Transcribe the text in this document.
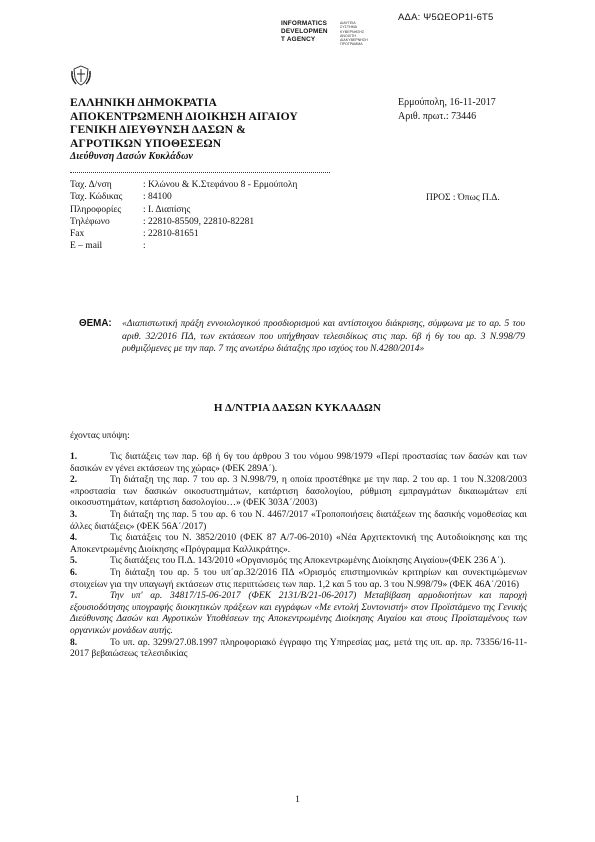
ΑΔΑ: Ψ5ΩΕΟΡ1Ι-6Τ5
INFORMATICS
DEVELOPMEN
T AGENCY
ΔΙΑΥΓΕΙΑ
ΣΥΣΤΗΜΑ
ΚΥΒΕΡΝΗΣΗΣ
ΑΝΟΙΧΤΗ
ΔΙΑΚΥΒΕΡΝΗΣΗ
ΠΡΟΓΡΑΜΜΑ
ΕΛΛΗΝΙΚΗ ΔΗΜΟΚΡΑΤΙΑ
ΑΠΟΚΕΝΤΡΩΜΕΝΗ ΔΙΟΙΚΗΣΗ ΑΙΓΑΙΟΥ
ΓΕΝΙΚΗ ΔΙΕΥΘΥΝΣΗ ΔΑΣΩΝ &
ΑΓΡΟΤΙΚΩΝ ΥΠΟΘΕΣΕΩΝ
Διεύθυνση Δασών Κυκλάδων
Ερμούπολη, 16-11-2017
Αριθ. πρωτ.: 73446
Ταχ. Δ/νση	: Κλώνου & Κ.Στεφάνου 8 - Ερμούπολη
Ταχ. Κώδικας	: 84100
Πληροφορίες	: Ι. Διαπίσης
Τηλέφωνο	: 22810-85509, 22810-82281
Fax	: 22810-81651
E – mail	:
ΠΡΟΣ : Όπως Π.Δ.
ΘΕΜΑ: «Διαπιστωτική πράξη εννοιολογικού προσδιορισμού και αντίστοιχου διάκρισης, σύμφωνα με το αρ. 5 του αριθ. 32/2016 ΠΔ, των εκτάσεων που υπήχθησαν τελεσιδίκως στις παρ. 6β ή 6γ του αρ. 3 Ν.998/79 ρυθμιζόμενες με την παρ. 7 της ανωτέρω διάταξης προ ισχύος του Ν.4280/2014»
Η Δ/ΝΤΡΙΑ ΔΑΣΩΝ ΚΥΚΛΑΔΩΝ
έχοντας υπόψη:
1.	Τις διατάξεις των παρ. 6β ή 6γ του άρθρου 3 του νόμου 998/1979 «Περί προστασίας των δασών και των δασικών εν γένει εκτάσεων της χώρας» (ΦΕΚ 289Α΄).
2.	Τη διάταξη της παρ. 7 του αρ. 3 Ν.998/79, η οποία προστέθηκε με την παρ. 2 του αρ. 1 του Ν.3208/2003 «προστασία των δασικών οικοσυστημάτων, κατάρτιση δασολογίου, ρύθμιση εμπραγμάτων δικαιωμάτων επί οικοσυστημάτων, κατάρτιση δασολογίου…» (ΦΕΚ 303Α΄/2003)
3.	Τη διάταξη της παρ. 5 του αρ. 6 του Ν. 4467/2017 «Τροποποιήσεις διατάξεων της δασικής νομοθεσίας και άλλες διατάξεις» (ΦΕΚ 56Α΄/2017)
4.	Τις διατάξεις του Ν. 3852/2010 (ΦΕΚ 87 Α/7-06-2010) «Νέα Αρχιτεκτονική της Αυτοδιοίκησης και της Αποκεντρωμένης Διοίκησης «Πρόγραμμα Καλλικράτης».
5.	Τις διατάξεις του Π.Δ. 143/2010 «Οργανισμός της Αποκεντρωμένης Διοίκησης Αιγαίου»(ΦΕΚ 236 Α΄).
6.	Τη διάταξη του αρ. 5 του υπ΄αρ.32/2016 ΠΔ «Ορισμός επιστημονικών κριτηρίων και συνεκτιμώμενων στοιχείων για την υπαγωγή εκτάσεων στις περιπτώσεις των παρ. 1,2 και 5 του αρ. 3 του Ν.998/79» (ΦΕΚ 46Α΄/2016)
7.	Την υπ' αρ. 34817/15-06-2017 (ΦΕΚ 2131/Β/21-06-2017) Μεταβίβαση αρμοδιοτήτων και παροχή εξουσιοδότησης υπογραφής διοικητικών πράξεων και εγγράφων «Με εντολή Συντονιστή» στον Προϊστάμενο της Γενικής Διεύθυνσης Δασών και Αγροτικών Υποθέσεων της Αποκεντρωμένης Διοίκησης Αιγαίου και στους Προϊσταμένους των οργανικών μονάδων αυτής.
8.	Το υπ. αρ. 3299/27.08.1997 πληροφοριακό έγγραφο της Υπηρεσίας μας, μετά της υπ. αρ. πρ. 73356/16-11-2017 βεβαιώσεως τελεσιδικίας
1
